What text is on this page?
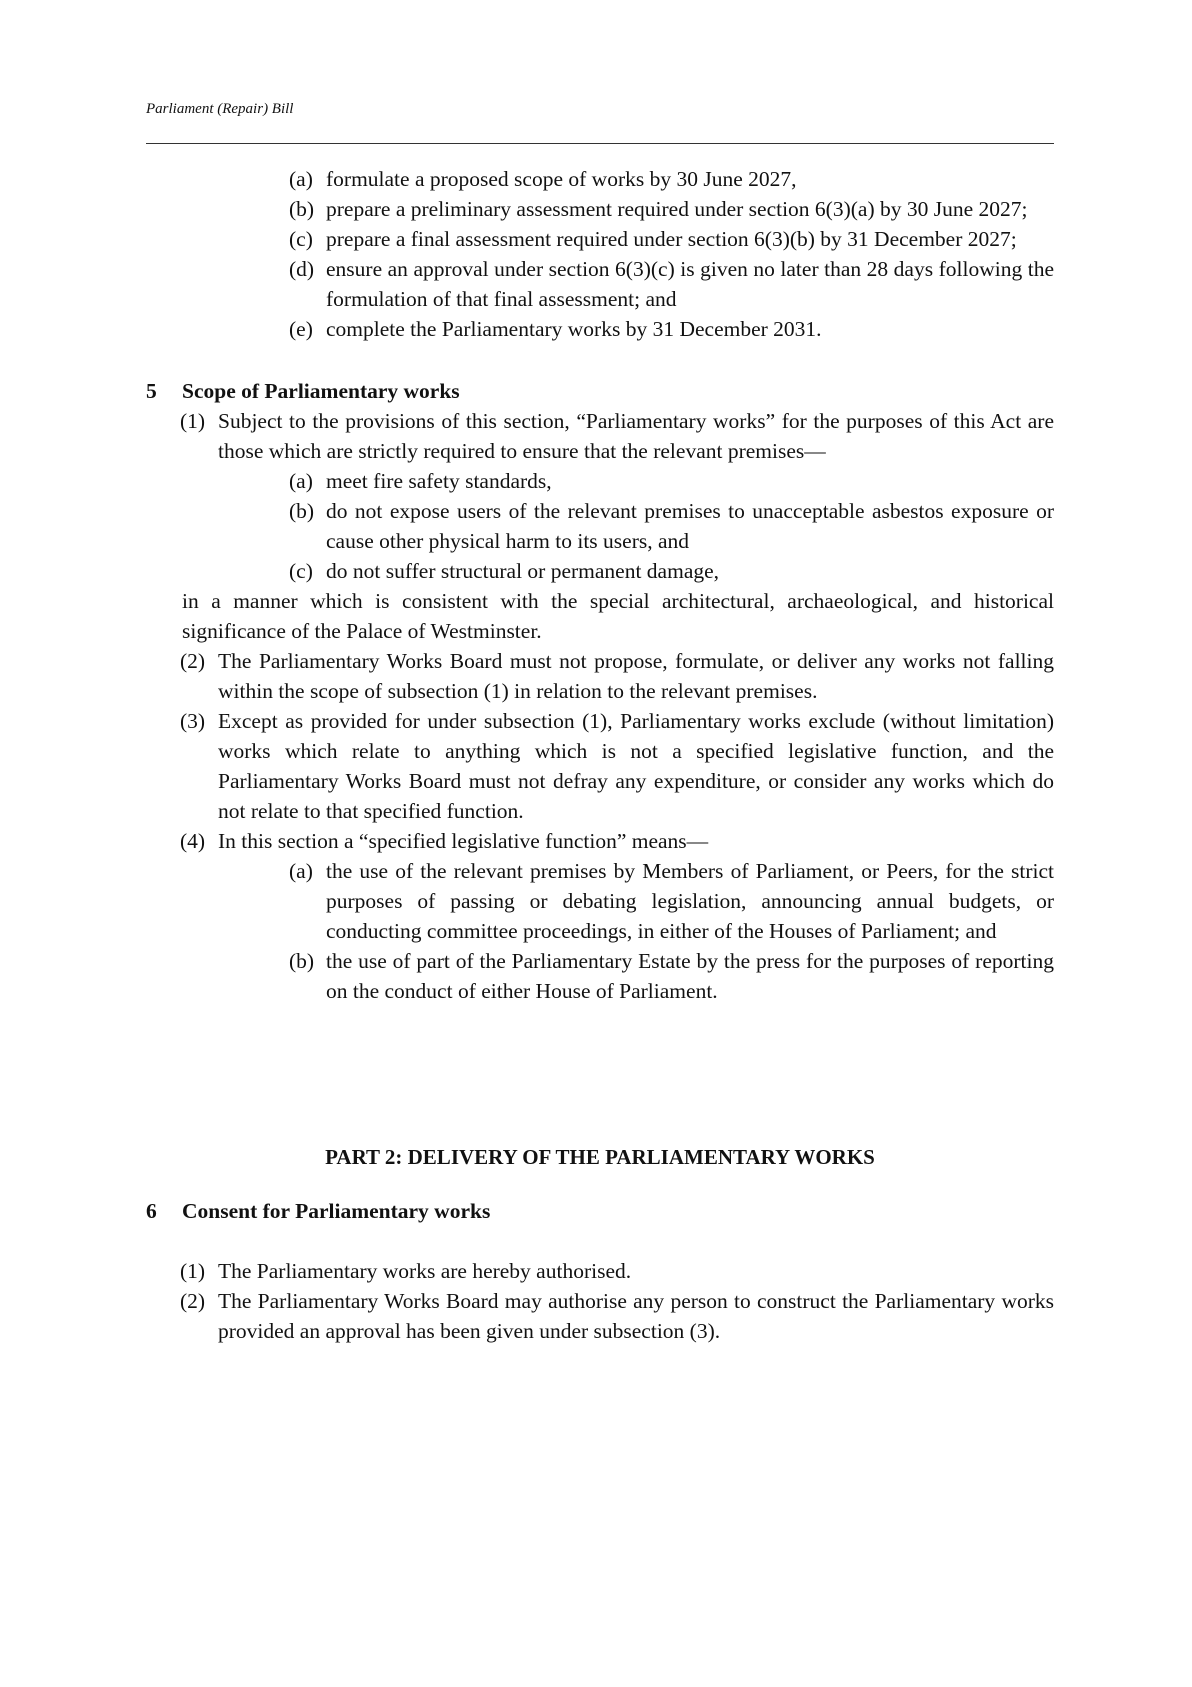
Parliament (Repair) Bill
(a) formulate a proposed scope of works by 30 June 2027,
(b) prepare a preliminary assessment required under section 6(3)(a) by 30 June 2027;
(c) prepare a final assessment required under section 6(3)(b) by 31 December 2027;
(d) ensure an approval under section 6(3)(c) is given no later than 28 days following the formulation of that final assessment; and
(e) complete the Parliamentary works by 31 December 2031.
5 Scope of Parliamentary works
(1) Subject to the provisions of this section, “Parliamentary works” for the purposes of this Act are those which are strictly required to ensure that the relevant premises—
(a) meet fire safety standards,
(b) do not expose users of the relevant premises to unacceptable asbestos exposure or cause other physical harm to its users, and
(c) do not suffer structural or permanent damage,
in a manner which is consistent with the special architectural, archaeological, and historical significance of the Palace of Westminster.
(2) The Parliamentary Works Board must not propose, formulate, or deliver any works not falling within the scope of subsection (1) in relation to the relevant premises.
(3) Except as provided for under subsection (1), Parliamentary works exclude (without limitation) works which relate to anything which is not a specified legislative function, and the Parliamentary Works Board must not defray any expenditure, or consider any works which do not relate to that specified function.
(4) In this section a “specified legislative function” means—
(a) the use of the relevant premises by Members of Parliament, or Peers, for the strict purposes of passing or debating legislation, announcing annual budgets, or conducting committee proceedings, in either of the Houses of Parliament; and
(b) the use of part of the Parliamentary Estate by the press for the purposes of reporting on the conduct of either House of Parliament.
PART 2: DELIVERY OF THE PARLIAMENTARY WORKS
6 Consent for Parliamentary works
(1) The Parliamentary works are hereby authorised.
(2) The Parliamentary Works Board may authorise any person to construct the Parliamentary works provided an approval has been given under subsection (3).
